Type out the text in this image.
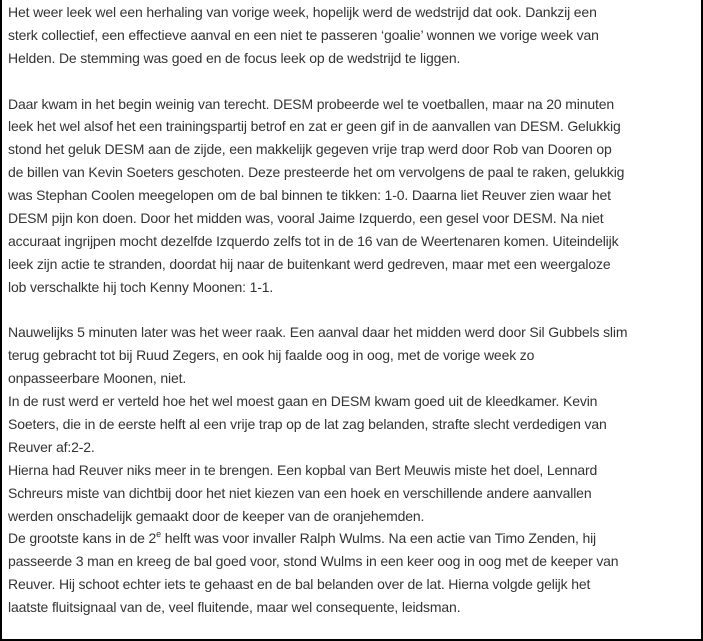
Het weer leek wel een herhaling van vorige week, hopelijk werd de wedstrijd dat ook. Dankzij een
sterk collectief, een effectieve aanval en een niet te passeren ‘goalie’ wonnen we vorige week van
Helden. De stemming was goed en de focus leek op de wedstrijd te liggen.
Daar kwam in het begin weinig van terecht. DESM probeerde wel te voetballen, maar na 20 minuten
leek het wel alsof het een trainingspartij betrof en zat er geen gif in de aanvallen van DESM. Gelukkig
stond het geluk DESM aan de zijde, een makkelijk gegeven vrije trap werd door Rob van Dooren op
de billen van Kevin Soeters geschoten. Deze presteerde het om vervolgens de paal te raken, gelukkig
was Stephan Coolen meegelopen om de bal binnen te tikken: 1-0. Daarna liet Reuver zien waar het
DESM pijn kon doen. Door het midden was, vooral Jaime Izquerdo, een gesel voor DESM. Na niet
accuraat ingrijpen mocht dezelfde Izquerdo zelfs tot in de 16 van de Weertenaren komen. Uiteindelijk
leek zijn actie te stranden, doordat hij naar de buitenkant werd gedreven, maar met een weergaloze
lob verschalkte hij toch Kenny Moonen: 1-1.
Nauwelijks 5 minuten later was het weer raak. Een aanval daar het midden werd door Sil Gubbels slim
terug gebracht tot bij Ruud Zegers, en ook hij faalde oog in oog, met de vorige week zo
onpasseerbare Moonen, niet.
In de rust werd er verteld hoe het wel moest gaan en DESM kwam goed uit de kleedkamer. Kevin
Soeters, die in de eerste helft al een vrije trap op de lat zag belanden, strafte slecht verdedigen van
Reuver af:2-2.
Hierna had Reuver niks meer in te brengen. Een kopbal van Bert Meuwis miste het doel, Lennard
Schreurs miste van dichtbij door het niet kiezen van een hoek en verschillende andere aanvallen
werden onschadelijk gemaakt door de keeper van de oranjehemden.
De grootste kans in de 2e helft was voor invaller Ralph Wulms. Na een actie van Timo Zenden, hij
passeerde 3 man en kreeg de bal goed voor, stond Wulms in een keer oog in oog met de keeper van
Reuver. Hij schoot echter iets te gehaast en de bal belanden over de lat. Hierna volgde gelijk het
laatste fluitsignaal van de, veel fluitende, maar wel consequente, leidsman.
